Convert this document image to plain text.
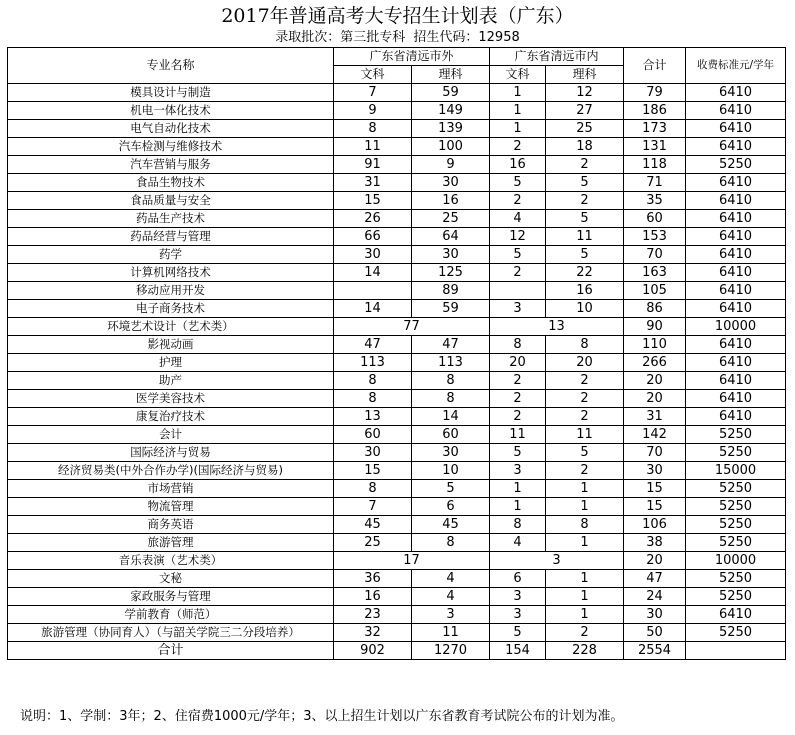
2017年普通高考大专招生计划表（广东）
录取批次：第三批专科 招生代码：12958
专业名称	广东省清远市外		广东省清远市内		合计	收费标准元/学年
	文科	理科	文科	理科		
模具设计与制造	7	59	1	12	79	6410
机电一体化技术	9	149	1	27	186	6410
电气自动化技术	8	139	1	25	173	6410
汽车检测与维修技术	11	100	2	18	131	6410
汽车营销与服务	91	9	16	2	118	5250
食品生物技术	31	30	5	5	71	6410
食品质量与安全	15	16	2	2	35	6410
药品生产技术	26	25	4	5	60	6410
药品经营与管理	66	64	12	11	153	6410
药学	30	30	5	5	70	6410
计算机网络技术	14	125	2	22	163	6410
移动应用开发		89		16	105	6410
电子商务技术	14	59	3	10	86	6410
环境艺术设计（艺术类）	77		13		90	10000
影视动画	47	47	8	8	110	6410
护理	113	113	20	20	266	6410
助产	8	8	2	2	20	6410
医学美容技术	8	8	2	2	20	6410
康复治疗技术	13	14	2	2	31	6410
会计	60	60	11	11	142	5250
国际经济与贸易	30	30	5	5	70	5250
经济贸易类(中外合作办学)(国际经济与贸易)	15	10	3	2	30	15000
市场营销	8	5	1	1	15	5250
物流管理	7	6	1	1	15	5250
商务英语	45	45	8	8	106	5250
旅游管理	25	8	4	1	38	5250
音乐表演（艺术类）	17		3		20	10000
文秘	36	4	6	1	47	5250
家政服务与管理	16	4	3	1	24	5250
学前教育（师范）	23	3	3	1	30	6410
旅游管理（协同育人）（与韶关学院三二分段培养）	32	11	5	2	50	5250
合计	902	1270	154	228	2554	
说明：1、学制：3年；2、住宿费1000元/学年；3、以上招生计划以广东省教育考试院公布的计划为准。
